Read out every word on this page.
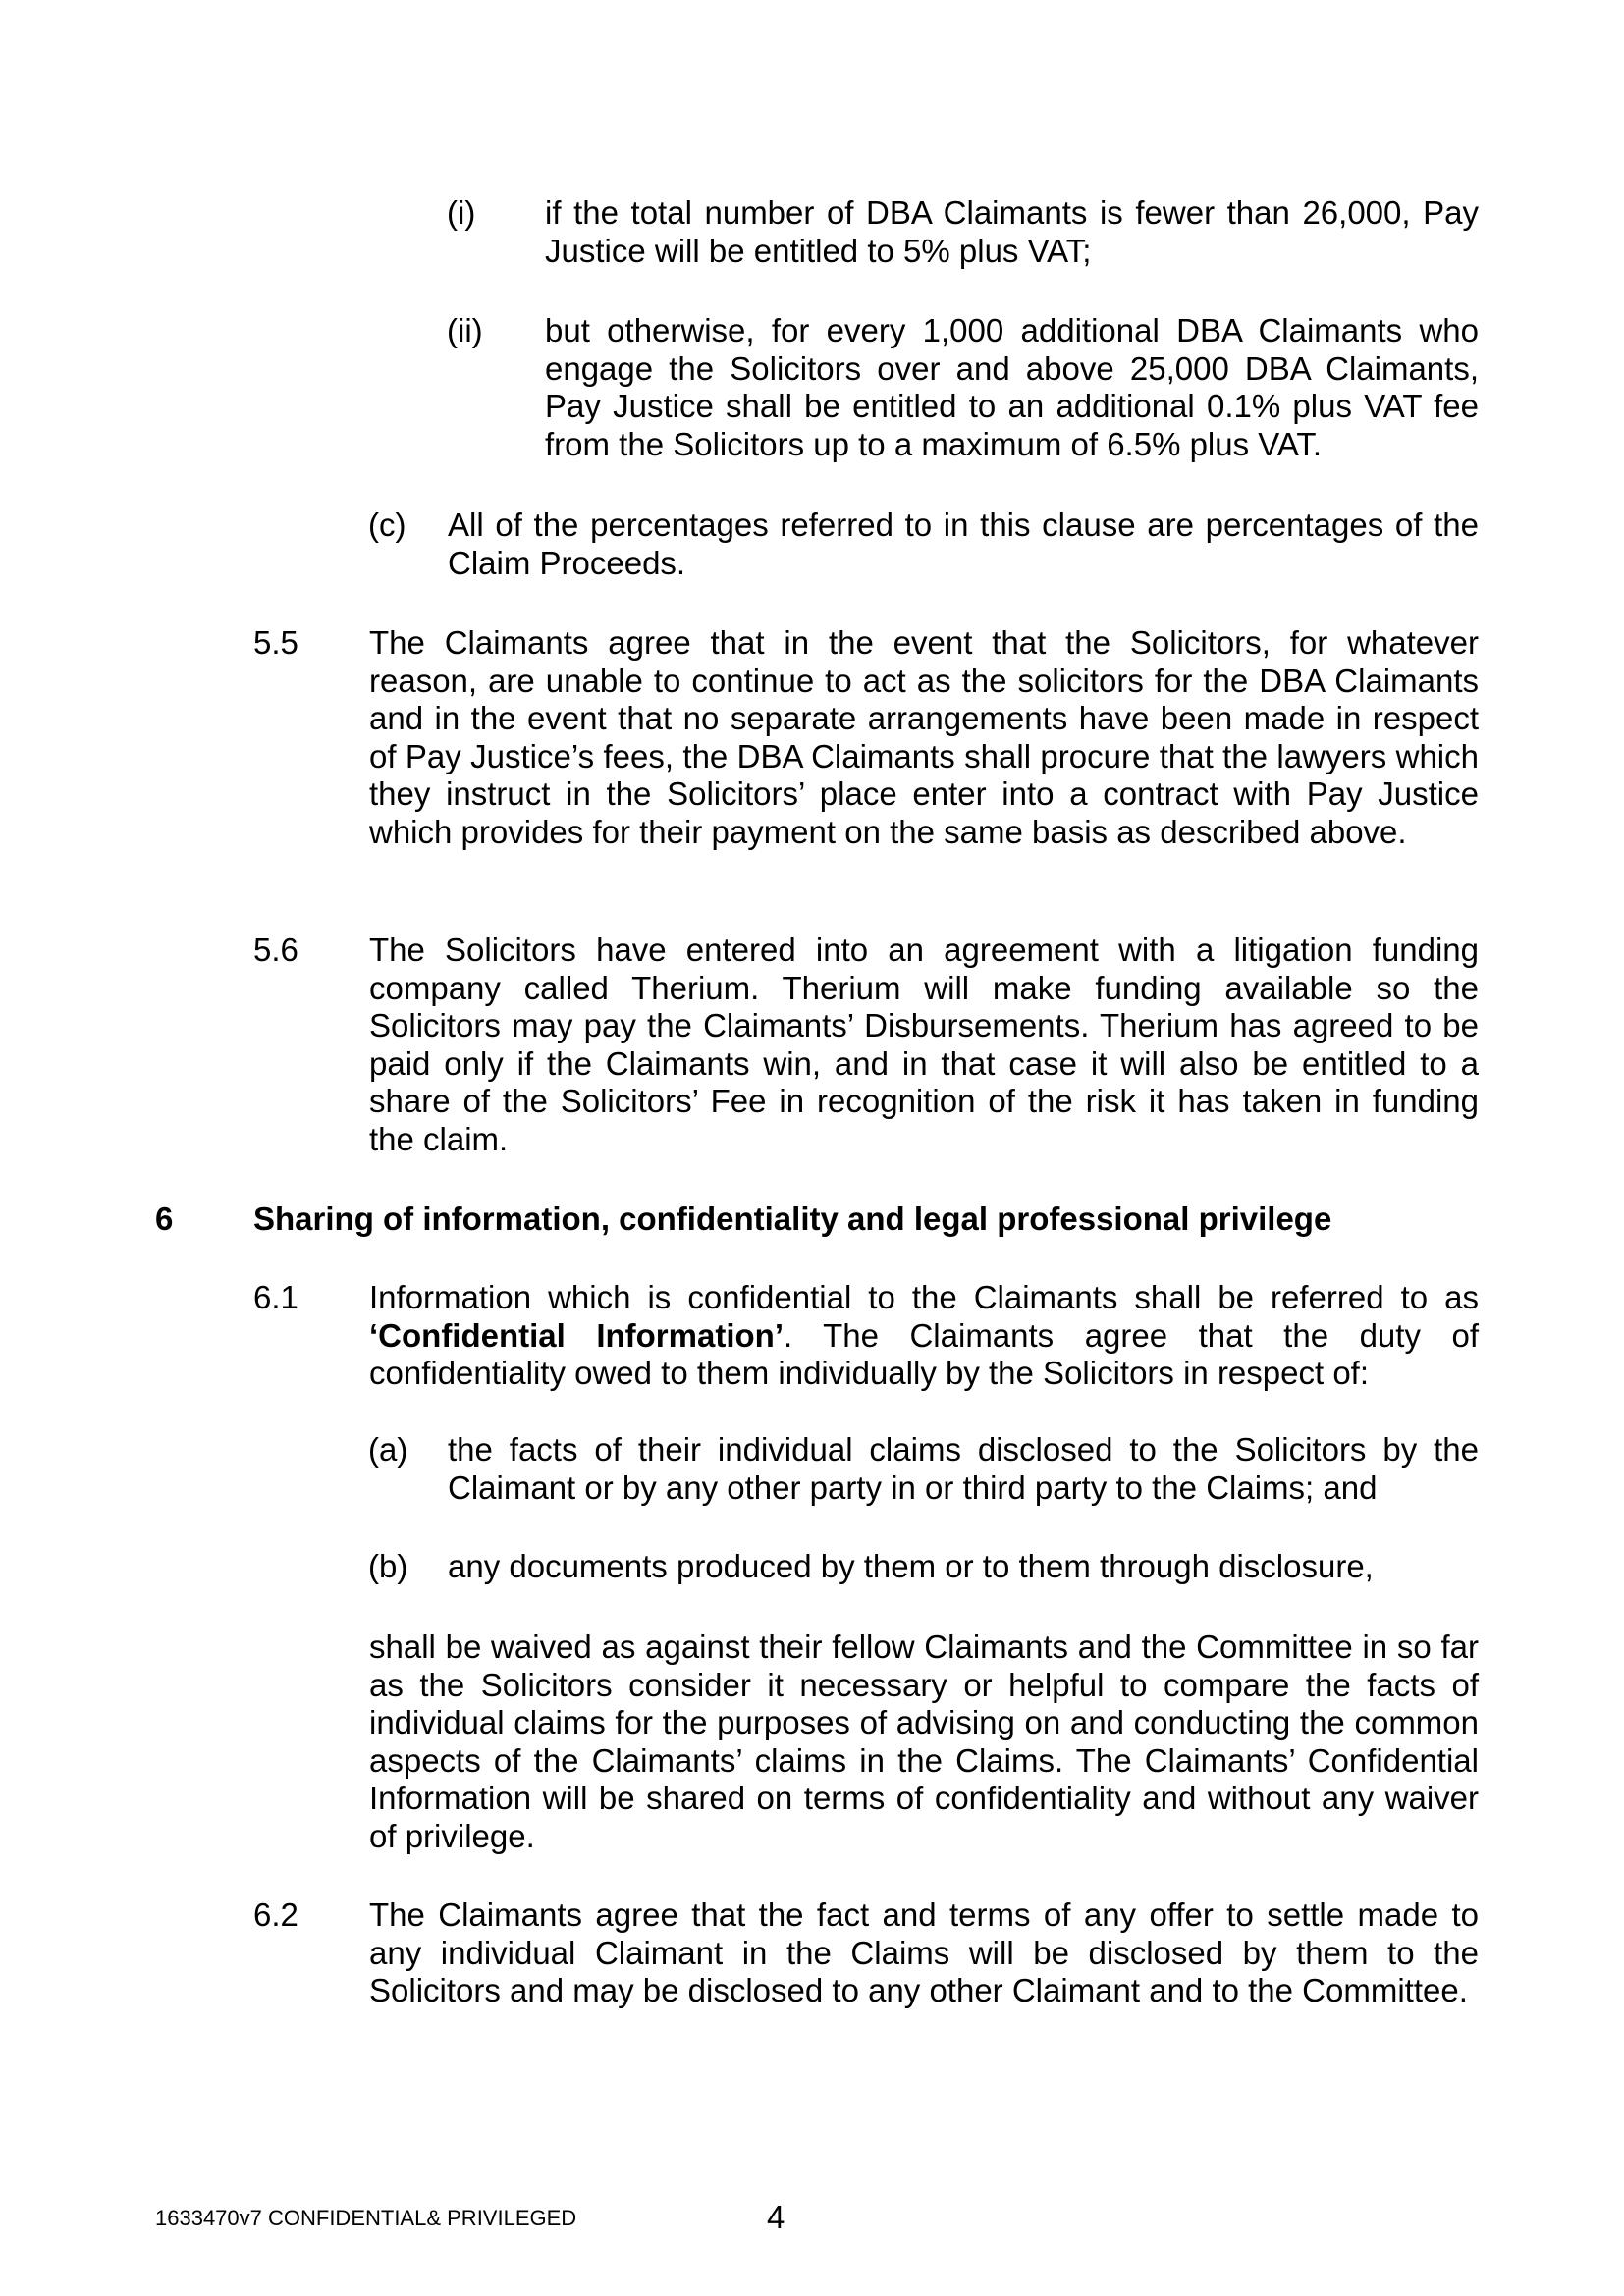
(i) if the total number of DBA Claimants is fewer than 26,000, Pay Justice will be entitled to 5% plus VAT;

(ii) but otherwise, for every 1,000 additional DBA Claimants who engage the Solicitors over and above 25,000 DBA Claimants, Pay Justice shall be entitled to an additional 0.1% plus VAT fee from the Solicitors up to a maximum of 6.5% plus VAT.

(c) All of the percentages referred to in this clause are percentages of the Claim Proceeds.

5.5 The Claimants agree that in the event that the Solicitors, for whatever reason, are unable to continue to act as the solicitors for the DBA Claimants and in the event that no separate arrangements have been made in respect of Pay Justice’s fees, the DBA Claimants shall procure that the lawyers which they instruct in the Solicitors’ place enter into a contract with Pay Justice which provides for their payment on the same basis as described above.

5.6 The Solicitors have entered into an agreement with a litigation funding company called Therium. Therium will make funding available so the Solicitors may pay the Claimants’ Disbursements. Therium has agreed to be paid only if the Claimants win, and in that case it will also be entitled to a share of the Solicitors’ Fee in recognition of the risk it has taken in funding the claim.

6 Sharing of information, confidentiality and legal professional privilege

6.1 Information which is confidential to the Claimants shall be referred to as ‘Confidential Information’. The Claimants agree that the duty of confidentiality owed to them individually by the Solicitors in respect of:

(a) the facts of their individual claims disclosed to the Solicitors by the Claimant or by any other party in or third party to the Claims; and

(b) any documents produced by them or to them through disclosure,

shall be waived as against their fellow Claimants and the Committee in so far as the Solicitors consider it necessary or helpful to compare the facts of individual claims for the purposes of advising on and conducting the common aspects of the Claimants’ claims in the Claims. The Claimants’ Confidential Information will be shared on terms of confidentiality and without any waiver of privilege.

6.2 The Claimants agree that the fact and terms of any offer to settle made to any individual Claimant in the Claims will be disclosed by them to the Solicitors and may be disclosed to any other Claimant and to the Committee.

1633470v7 CONFIDENTIAL& PRIVILEGED	4
